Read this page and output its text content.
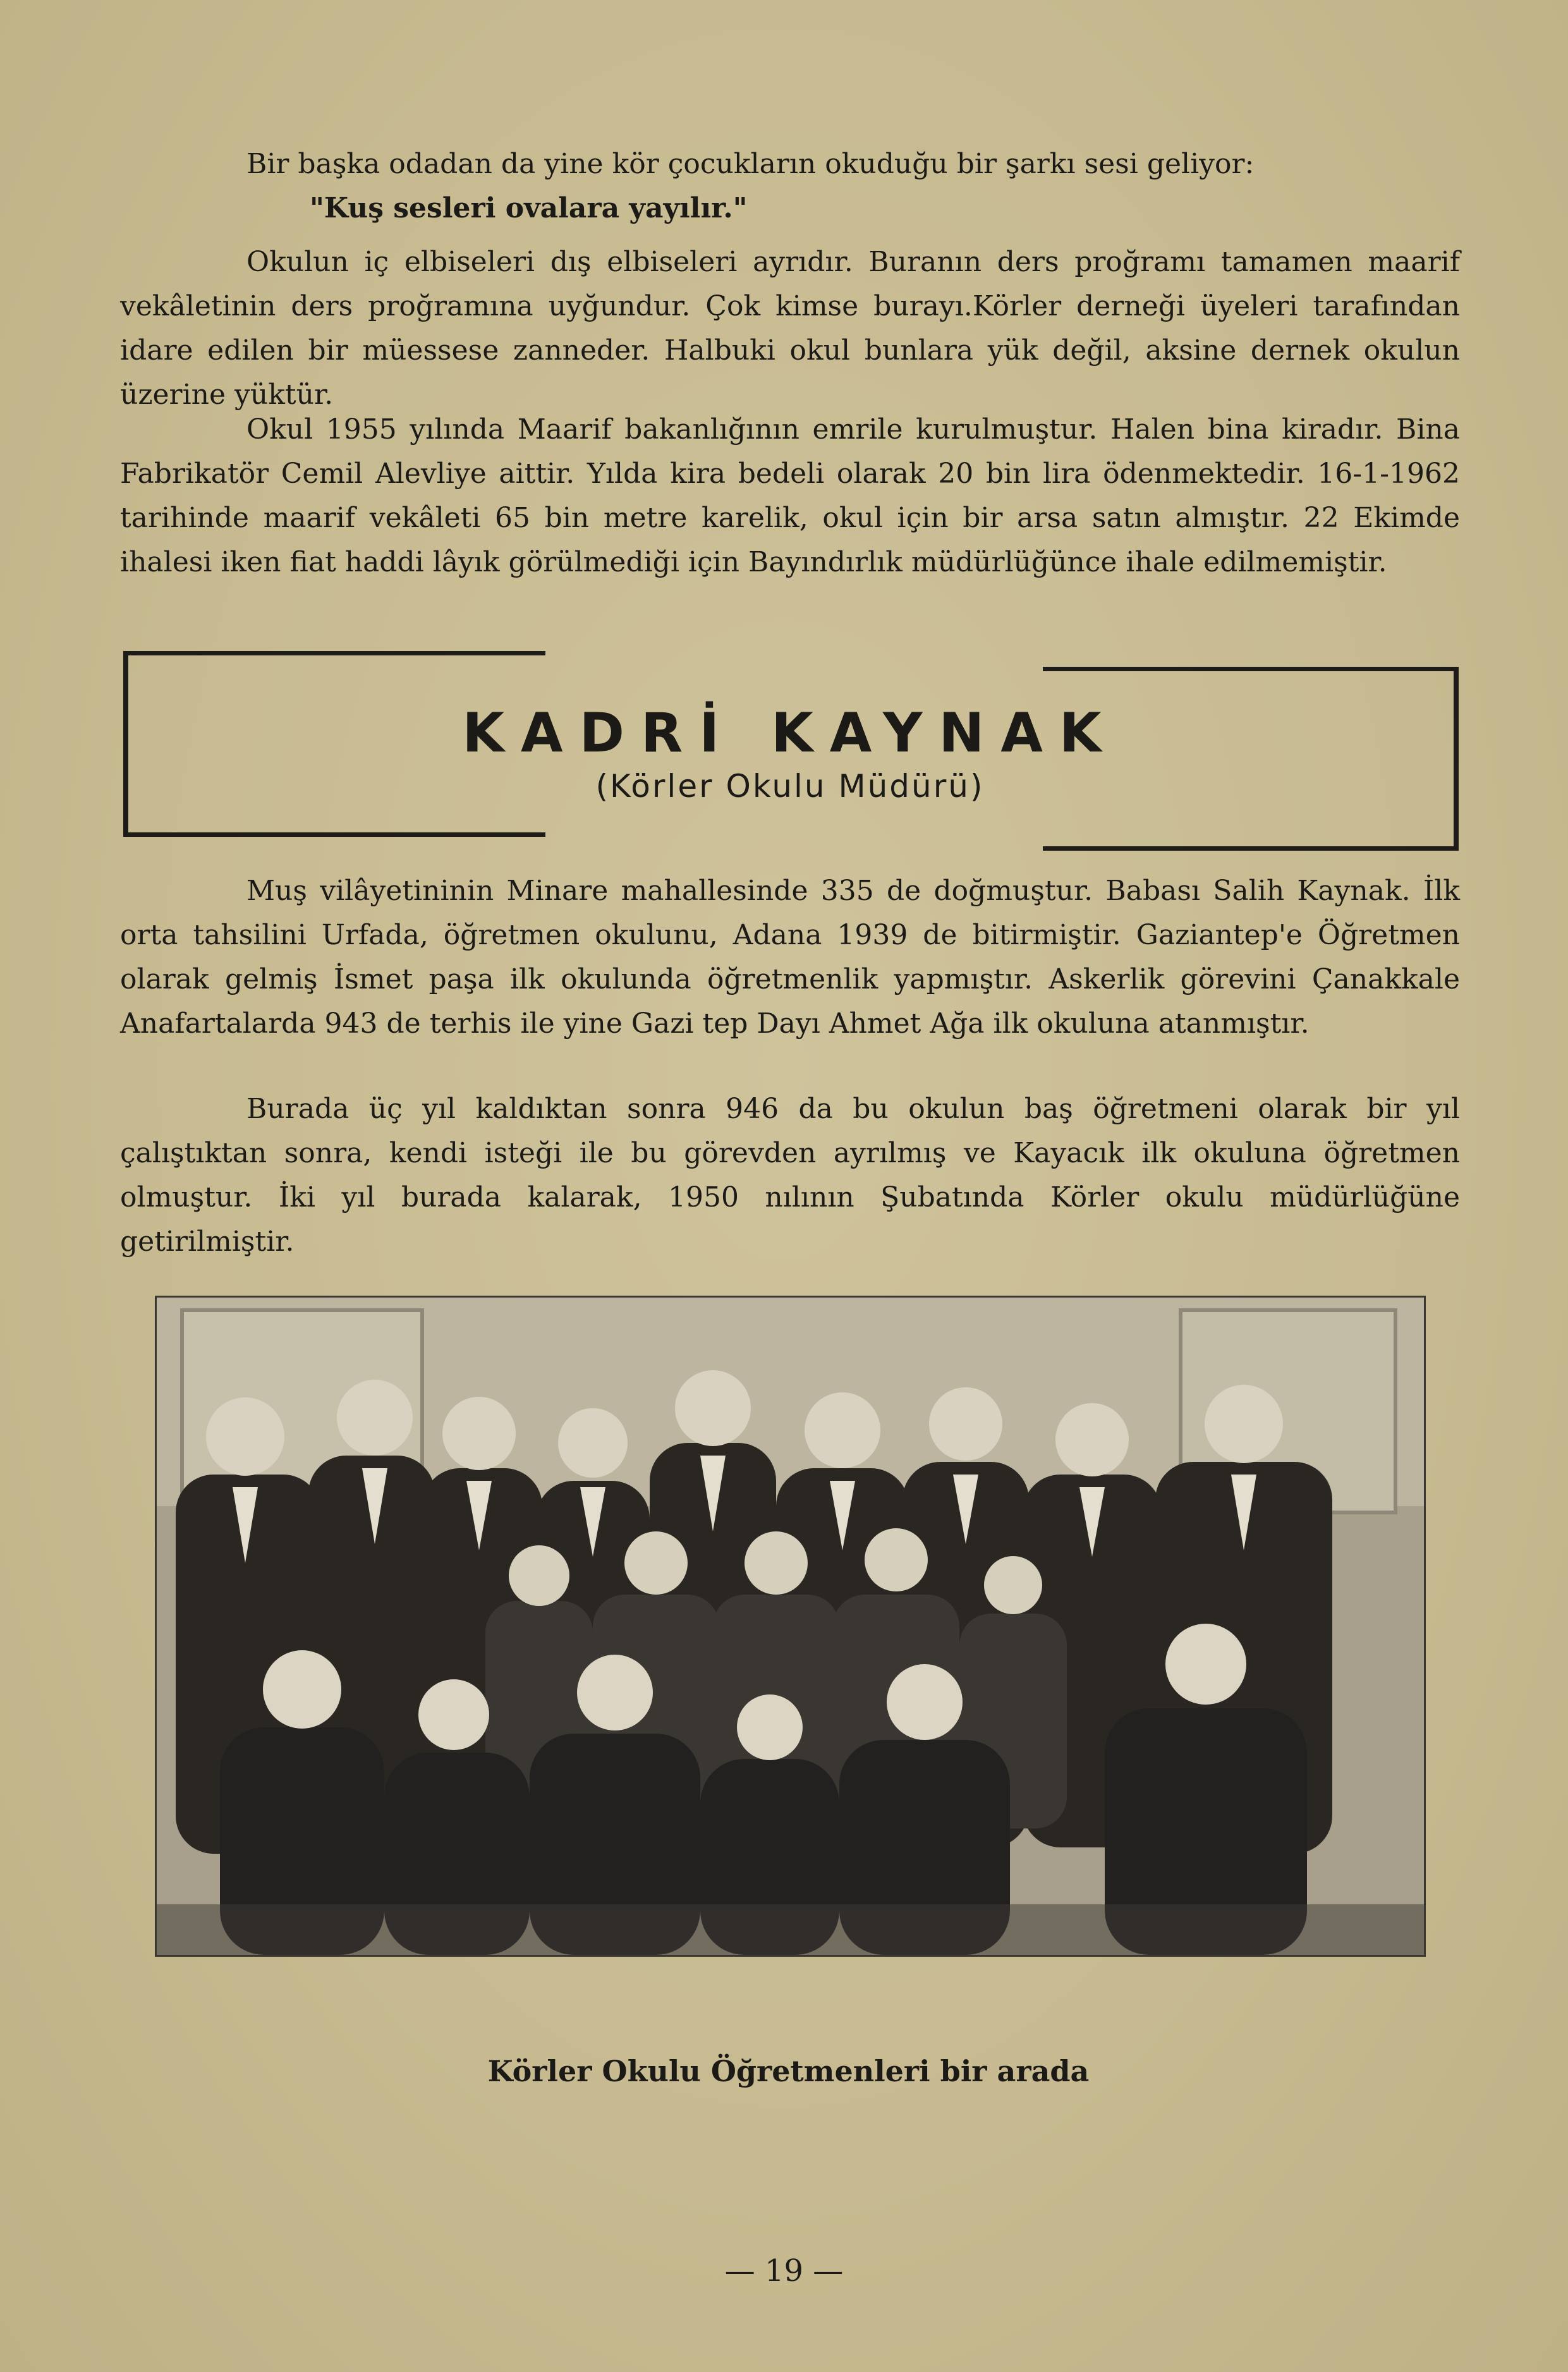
Bir başka odadan da yine kör çocukların okuduğu bir şarkı sesi geliyor:

"Kuş sesleri ovalara yayılır."

Okulun iç elbiseleri dış elbiseleri ayrıdır. Buranın ders proğramı tamamen maarif vekâletinin ders proğramına uyğundur. Çok kimse burayı.Körler derneği üyeleri tarafından idare edilen bir müessese zanneder. Halbuki okul bunlara yük değil, aksine dernek okulun üzerine yüktür.

Okul 1955 yılında Maarif bakanlığının emrile kurulmuştur. Halen bina kiradır. Bina Fabrikatör Cemil Alevliye aittir. Yılda kira bedeli olarak 20 bin lira ödenmektedir. 16-1-1962 tarihinde maarif vekâleti 65 bin metre karelik, okul için bir arsa satın almıştır. 22 Ekimde ihalesi iken fiat haddi lâyık görülmediği için Bayındırlık müdürlüğünce ihale edilmemiştir.

KADRİ KAYNAK

(Körler Okulu Müdürü)

Muş vilâyetininin Minare mahallesinde 335 de doğmuştur. Babası Salih Kaynak. İlk orta tahsilini Urfada, öğretmen okulunu, Adana 1939 de bitirmiştir. Gaziantep'e Öğretmen olarak gelmiş İsmet paşa ilk okulunda öğretmenlik yapmıştır. Askerlik görevini Çanakkale Anafartalarda 943 de terhis ile yine Gazi tep Dayı Ahmet Ağa ilk okuluna atanmıştır.

Burada üç yıl kaldıktan sonra 946 da bu okulun baş öğretmeni olarak bir yıl çalıştıktan sonra, kendi isteği ile bu görevden ayrılmış ve Kayacık ilk okuluna öğretmen olmuştur. İki yıl burada kalarak, 1950 nılının Şubatında Körler okulu müdürlüğüne getirilmiştir.

Körler Okulu Öğretmenleri bir arada

— 19 —
